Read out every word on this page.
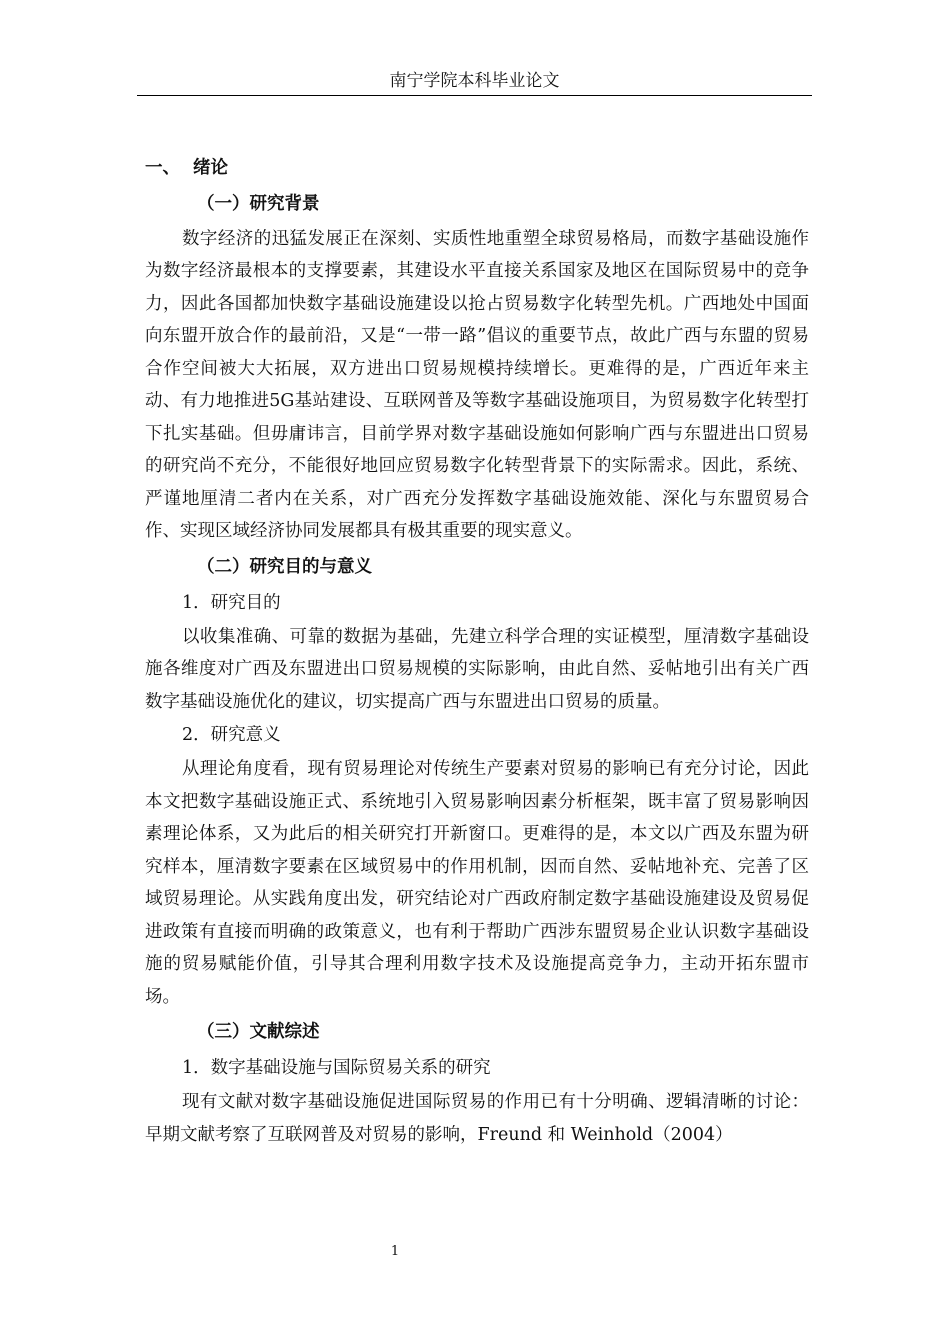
南宁学院本科毕业论文

一、 绪论

（一）研究背景

数字经济的迅猛发展正在深刻、实质性地重塑全球贸易格局，而数字基础设施作为数字经济最根本的支撑要素，其建设水平直接关系国家及地区在国际贸易中的竞争力，因此各国都加快数字基础设施建设以抢占贸易数字化转型先机。广西地处中国面向东盟开放合作的最前沿，又是“一带一路”倡议的重要节点，故此广西与东盟的贸易合作空间被大大拓展，双方进出口贸易规模持续增长。更难得的是，广西近年来主动、有力地推进5G基站建设、互联网普及等数字基础设施项目，为贸易数字化转型打下扎实基础。但毋庸讳言，目前学界对数字基础设施如何影响广西与东盟进出口贸易的研究尚不充分，不能很好地回应贸易数字化转型背景下的实际需求。因此，系统、严谨地厘清二者内在关系，对广西充分发挥数字基础设施效能、深化与东盟贸易合作、实现区域经济协同发展都具有极其重要的现实意义。

（二）研究目的与意义

1．研究目的

以收集准确、可靠的数据为基础，先建立科学合理的实证模型，厘清数字基础设施各维度对广西及东盟进出口贸易规模的实际影响，由此自然、妥帖地引出有关广西数字基础设施优化的建议，切实提高广西与东盟进出口贸易的质量。

2．研究意义

从理论角度看，现有贸易理论对传统生产要素对贸易的影响已有充分讨论，因此本文把数字基础设施正式、系统地引入贸易影响因素分析框架，既丰富了贸易影响因素理论体系，又为此后的相关研究打开新窗口。更难得的是，本文以广西及东盟为研究样本，厘清数字要素在区域贸易中的作用机制，因而自然、妥帖地补充、完善了区域贸易理论。从实践角度出发，研究结论对广西政府制定数字基础设施建设及贸易促进政策有直接而明确的政策意义，也有利于帮助广西涉东盟贸易企业认识数字基础设施的贸易赋能价值，引导其合理利用数字技术及设施提高竞争力，主动开拓东盟市场。

（三）文献综述

1．数字基础设施与国际贸易关系的研究

现有文献对数字基础设施促进国际贸易的作用已有十分明确、逻辑清晰的讨论：早期文献考察了互联网普及对贸易的影响，Freund 和 Weinhold（2004）

1
